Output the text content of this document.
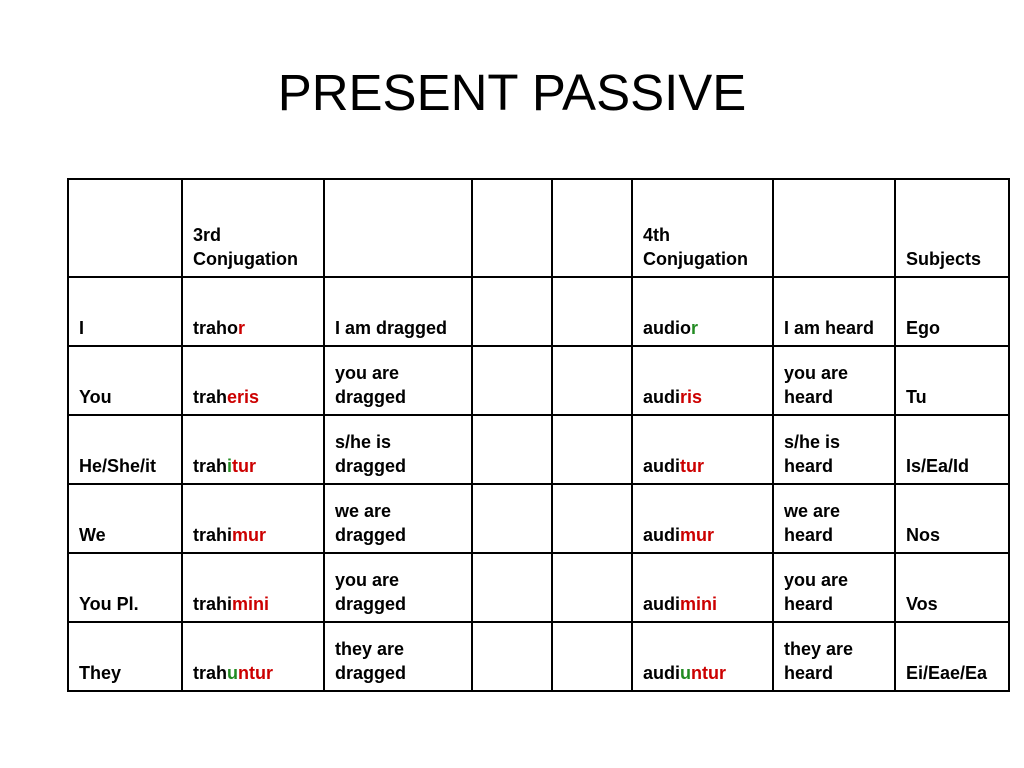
PRESENT PASSIVE
	3rd Conjugation				4th Conjugation		Subjects
I	trahor	I am dragged			audior	I am heard	Ego
You	traheris	you are dragged			audiris	you are heard	Tu
He/She/it	trahitur	s/he is dragged			auditur	s/he is heard	Is/Ea/Id
We	trahimur	we are dragged			audimur	we are heard	Nos
You Pl.	trahimini	you are dragged			audimini	you are heard	Vos
They	trahuntur	they are dragged			audiuntur	they are heard	Ei/Eae/Ea
